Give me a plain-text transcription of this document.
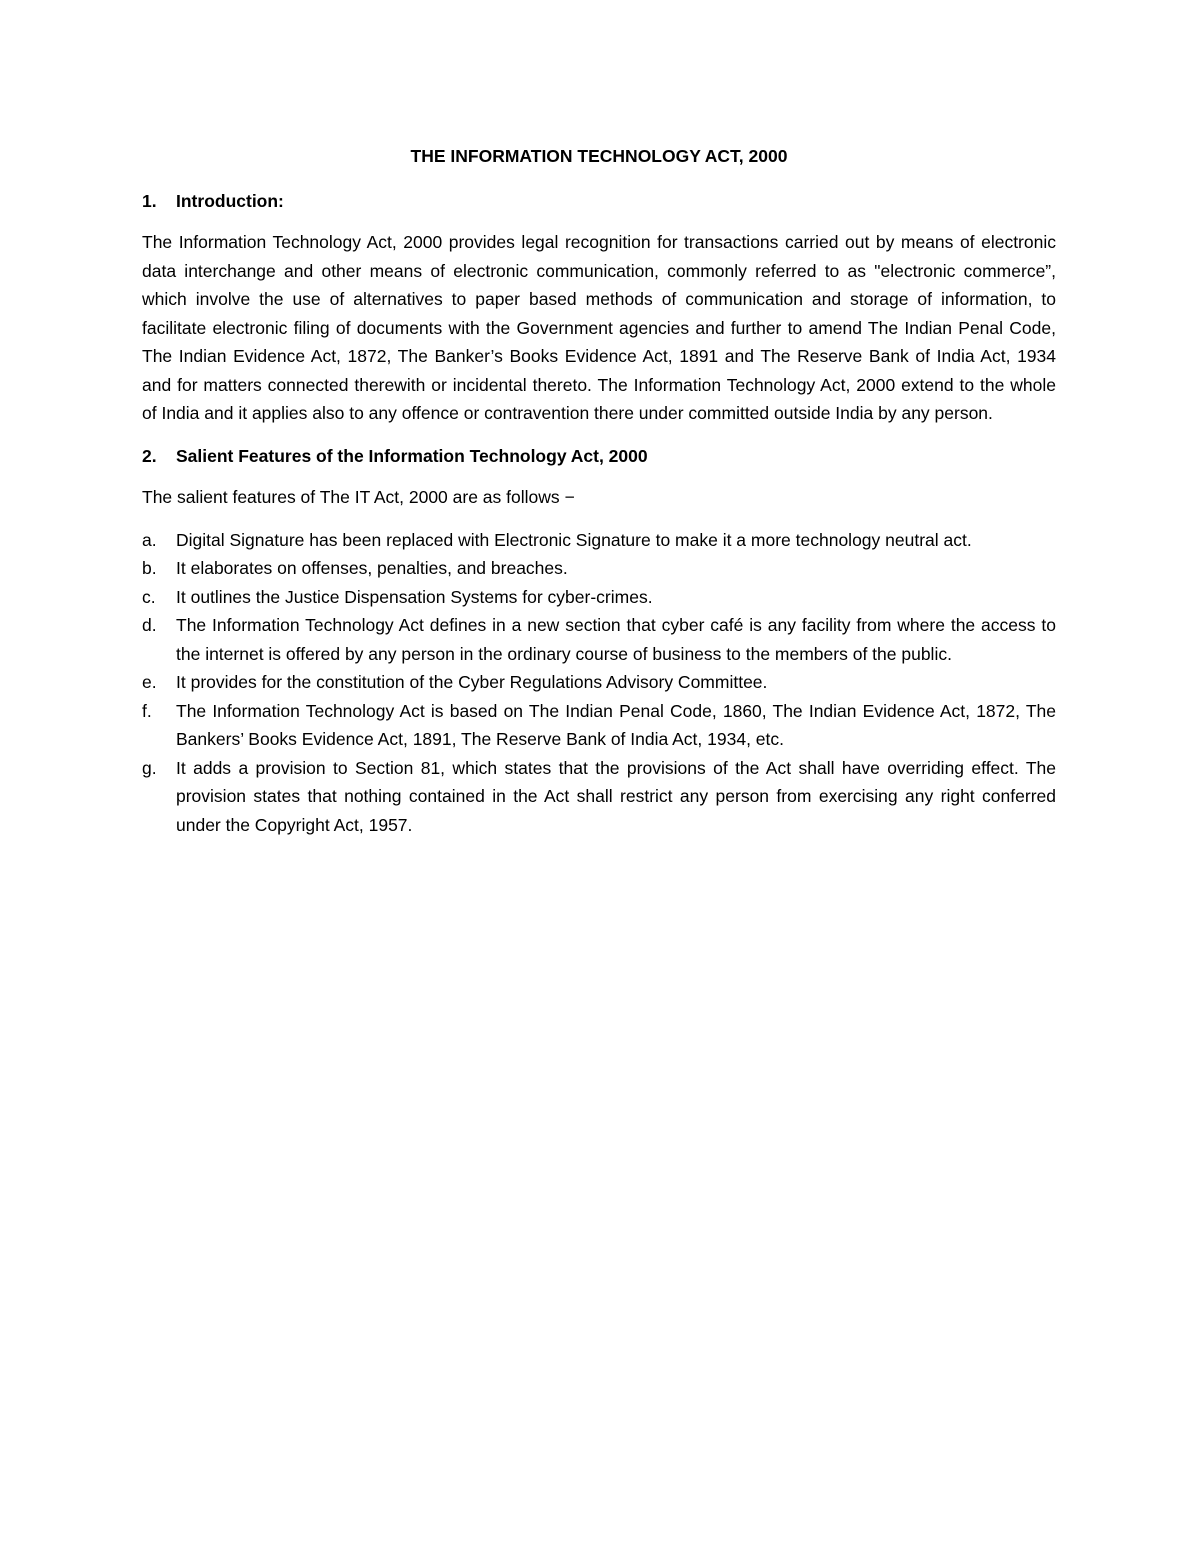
THE INFORMATION TECHNOLOGY ACT, 2000
1.	Introduction:

The Information Technology Act, 2000 provides legal recognition for transactions carried out by means of electronic data interchange and other means of electronic communication, commonly referred to as "electronic commerce”, which involve the use of alternatives to paper based methods of communication and storage of information, to facilitate electronic filing of documents with the Government agencies and further to amend The Indian Penal Code, The Indian Evidence Act, 1872, The Banker’s Books Evidence Act, 1891 and The Reserve Bank of India Act, 1934 and for matters connected therewith or incidental thereto. The Information Technology Act, 2000 extend to the whole of India and it applies also to any offence or contravention there under committed outside India by any person.

2.	Salient Features of the Information Technology Act, 2000

The salient features of The IT Act, 2000 are as follows −

a.	Digital Signature has been replaced with Electronic Signature to make it a more technology neutral act.
b.	It elaborates on offenses, penalties, and breaches.
c.	It outlines the Justice Dispensation Systems for cyber-crimes.
d.	The Information Technology Act defines in a new section that cyber café is any facility from where the access to the internet is offered by any person in the ordinary course of business to the members of the public.
e.	It provides for the constitution of the Cyber Regulations Advisory Committee.
f.	The Information Technology Act is based on The Indian Penal Code, 1860, The Indian Evidence Act, 1872, The Bankers’ Books Evidence Act, 1891, The Reserve Bank of India Act, 1934, etc.
g.	It adds a provision to Section 81, which states that the provisions of the Act shall have overriding effect. The provision states that nothing contained in the Act shall restrict any person from exercising any right conferred under the Copyright Act, 1957.
